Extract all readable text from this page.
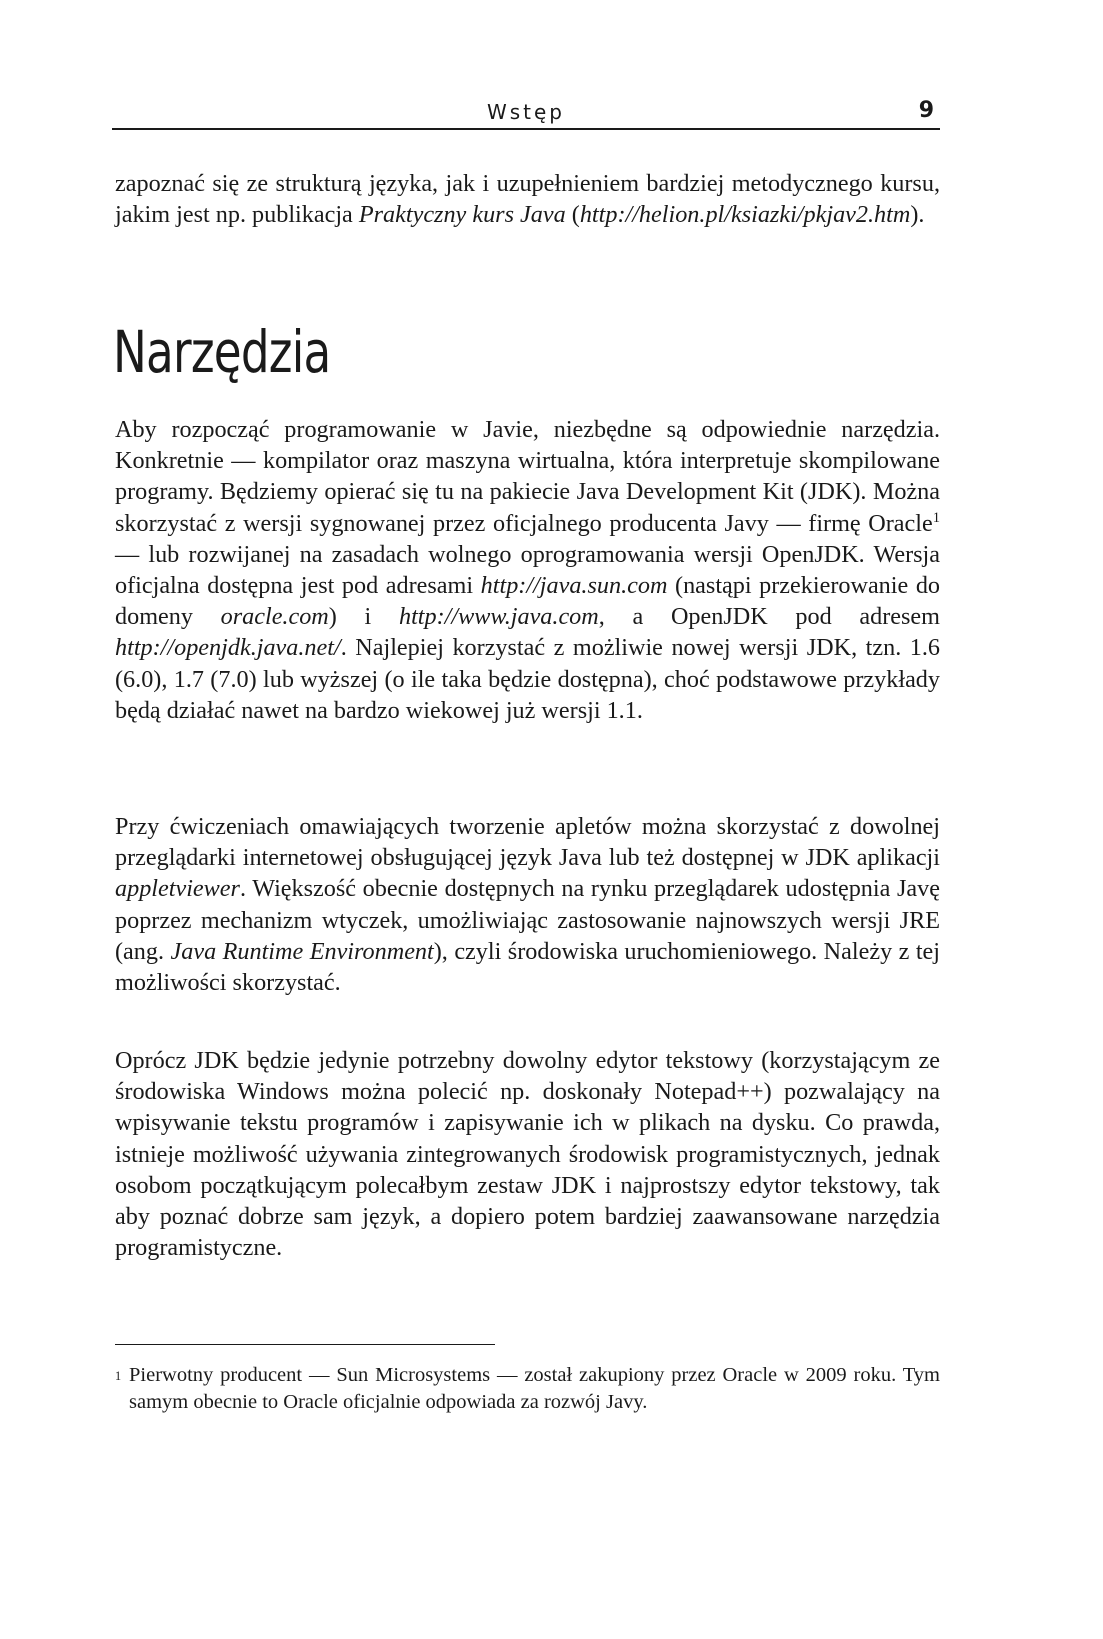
Wstęp	9

zapoznać się ze strukturą języka, jak i uzupełnieniem bardziej metodycznego kursu, jakim jest np. publikacja Praktyczny kurs Java (http://helion.pl/ksiazki/pkjav2.htm).

Narzędzia

Aby rozpocząć programowanie w Javie, niezbędne są odpowiednie narzędzia. Konkretnie — kompilator oraz maszyna wirtualna, która interpretuje skompilowane programy. Będziemy opierać się tu na pakiecie Java Development Kit (JDK). Można skorzystać z wersji sygnowanej przez oficjalnego producenta Javy — firmę Oracle$^1$ — lub rozwijanej na zasadach wolnego oprogramowania wersji OpenJDK. Wersja oficjalna dostępna jest pod adresami http://java.sun.com (nastąpi przekierowanie do domeny oracle.com) i http://www.java.com, a OpenJDK pod adresem http://openjdk.java.net/. Najlepiej korzystać z możliwie nowej wersji JDK, tzn. 1.6 (6.0), 1.7 (7.0) lub wyższej (o ile taka będzie dostępna), choć podstawowe przykłady będą działać nawet na bardzo wiekowej już wersji 1.1.

Przy ćwiczeniach omawiających tworzenie apletów można skorzystać z dowolnej przeglądarki internetowej obsługującej język Java lub też dostępnej w JDK aplikacji appletviewer. Większość obecnie dostępnych na rynku przeglądarek udostępnia Javę poprzez mechanizm wtyczek, umożliwiając zastosowanie najnowszych wersji JRE (ang. Java Runtime Environment), czyli środowiska uruchomieniowego. Należy z tej możliwości skorzystać.

Oprócz JDK będzie jedynie potrzebny dowolny edytor tekstowy (korzystającym ze środowiska Windows można polecić np. doskonały Notepad++) pozwalający na wpisywanie tekstu programów i zapisywanie ich w plikach na dysku. Co prawda, istnieje możliwość używania zintegrowanych środowisk programistycznych, jednak osobom początkującym polecałbym zestaw JDK i najprostszy edytor tekstowy, tak aby poznać dobrze sam język, a dopiero potem bardziej zaawansowane narzędzia programistyczne.

1 Pierwotny producent — Sun Microsystems — został zakupiony przez Oracle w 2009 roku. Tym samym obecnie to Oracle oficjalnie odpowiada za rozwój Javy.
